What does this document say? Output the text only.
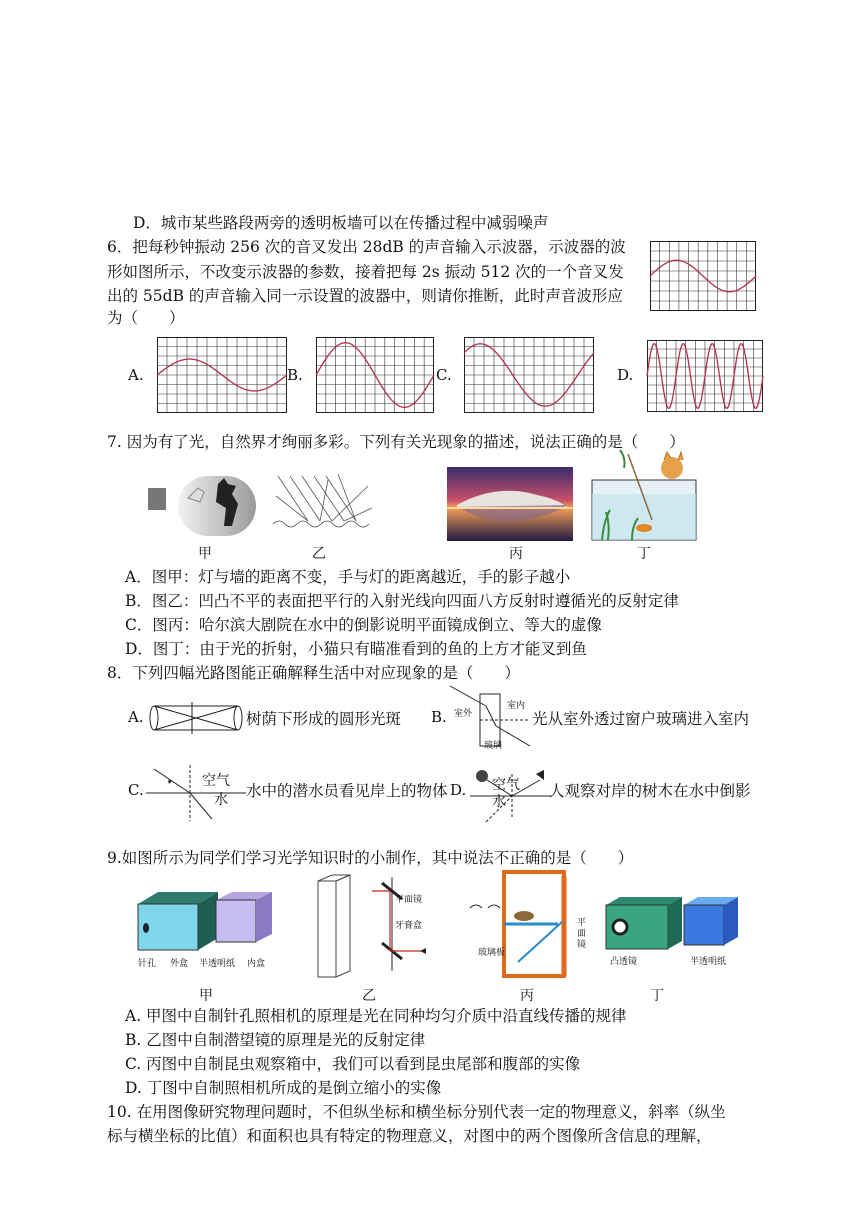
D．城市某些路段两旁的透明板墙可以在传播过程中减弱噪声
6．把每秒钟振动 256 次的音叉发出 28dB 的声音输入示波器，示波器的波
形如图所示，不改变示波器的参数，接着把每 2s 振动 512 次的一个音叉发
出的 55dB 的声音输入同一示设置的波器中，则请你推断，此时声音波形应
为（　　）
A.	B.	C.	D.
7. 因为有了光，自然界才绚丽多彩。下列有关光现象的描述，说法正确的是（　　）
甲	乙	丙	丁
A．图甲：灯与墙的距离不变，手与灯的距离越近，手的影子越小
B．图乙：凹凸不平的表面把平行的入射光线向四面八方反射时遵循光的反射定律
C．图丙：哈尔滨大剧院在水中的倒影说明平面镜成倒立、等大的虚像
D．图丁：由于光的折射，小猫只有瞄准看到的鱼的上方才能叉到鱼
8．下列四幅光路图能正确解释生活中对应现象的是（　　）
A.	树荫下形成的圆形光斑 B. 室外
室内
玻璃
光从室外透过窗户玻璃进入室内
C.	空气
水 水中的潜水员看见岸上的物体 D. 空气
水
人观察对岸的树木在水中倒影
9.如图所示为同学们学习光学知识时的小制作，其中说法不正确的是（　　）
针孔 外盒 半透明纸 内盒
平面镜
牙膏盒
玻璃板
平面镜
凸透镜	半透明纸
甲	乙	丙	丁
A. 甲图中自制针孔照相机的原理是光在同种均匀介质中沿直线传播的规律
B. 乙图中自制潜望镜的原理是光的反射定律
C. 丙图中自制昆虫观察箱中，我们可以看到昆虫尾部和腹部的实像
D. 丁图中自制照相机所成的是倒立缩小的实像
10. 在用图像研究物理问题时，不但纵坐标和横坐标分别代表一定的物理意义，斜率（纵坐
标与横坐标的比值）和面积也具有特定的物理意义，对图中的两个图像所含信息的理解，
